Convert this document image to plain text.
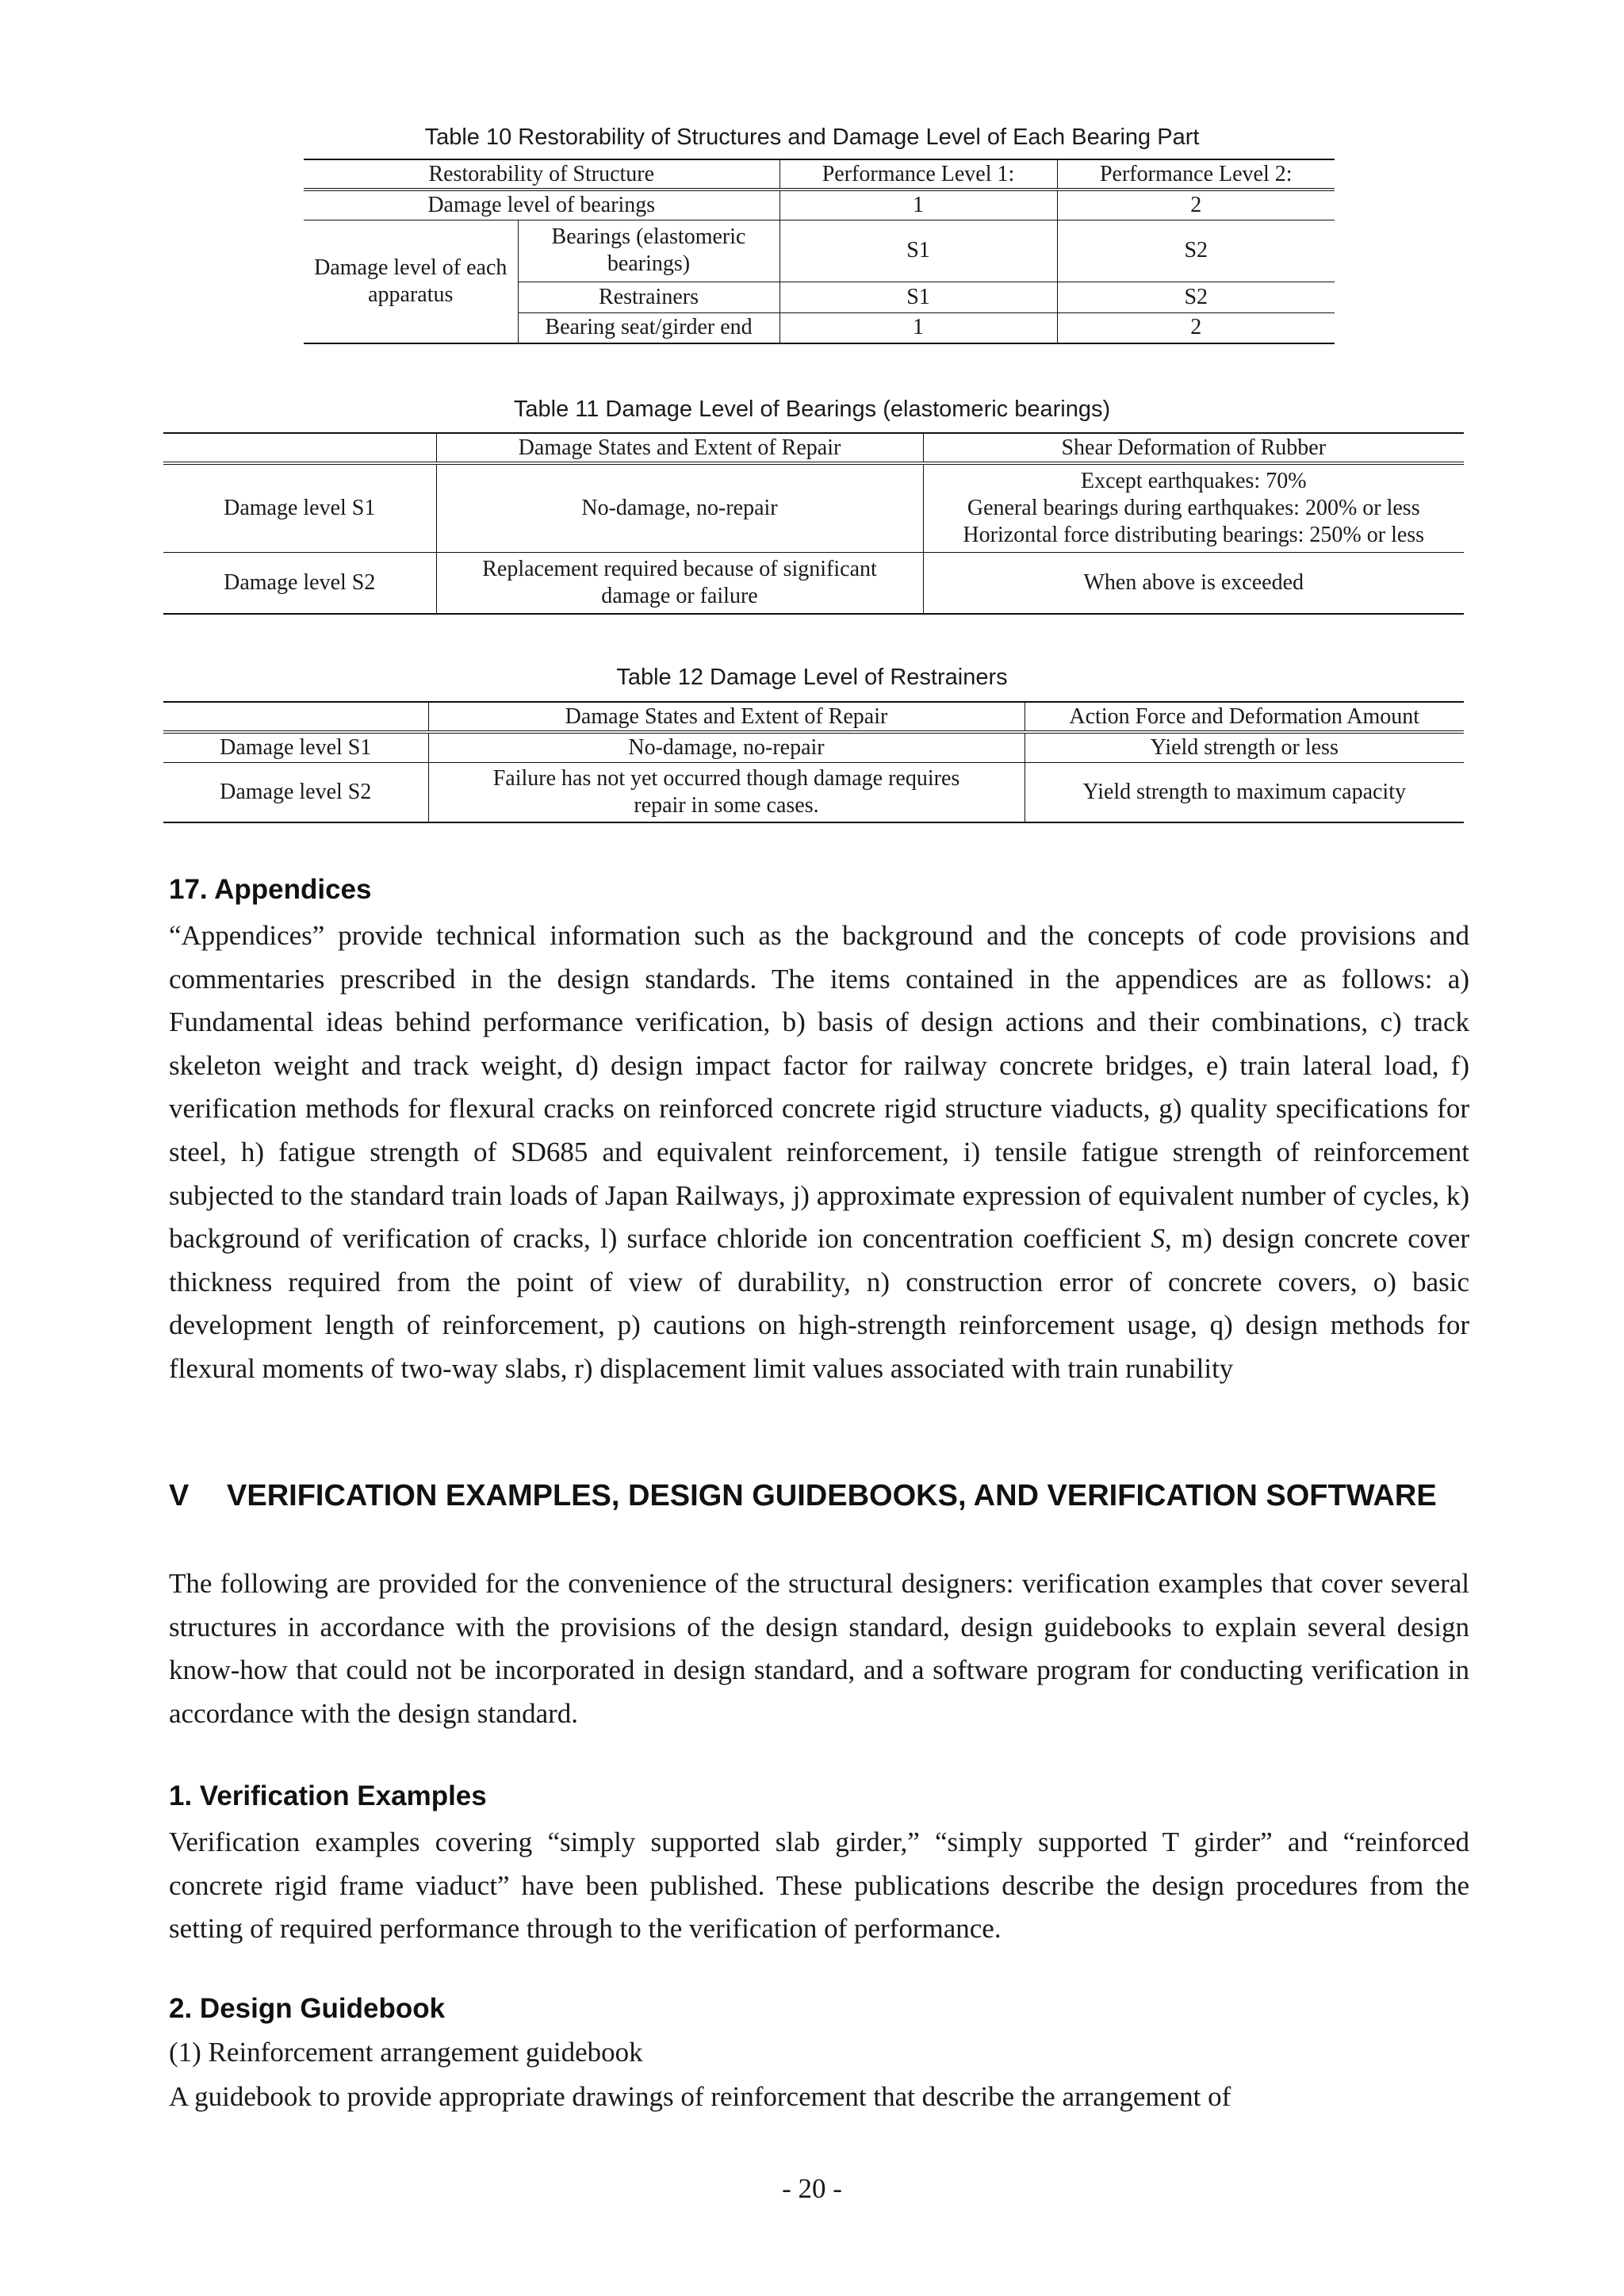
Table 10 Restorability of Structures and Damage Level of Each Bearing Part
Restorability of Structure		Performance Level 1:	Performance Level 2:
Damage level of bearings		1	2
Damage level of each apparatus	Bearings (elastomeric bearings)	S1	S2
	Restrainers	S1	S2
	Bearing seat/girder end	1	2
Table 11 Damage Level of Bearings (elastomeric bearings)
	Damage States and Extent of Repair	Shear Deformation of Rubber
Damage level S1	No-damage, no-repair	Except earthquakes: 70%
General bearings during earthquakes: 200% or less
Horizontal force distributing bearings: 250% or less

Damage level S2	Replacement required because of significant damage or failure	When above is exceeded
Table 12 Damage Level of Restrainers
	Damage States and Extent of Repair	Action Force and Deformation Amount
Damage level S1	No-damage, no-repair	Yield strength or less
Damage level S2	Failure has not yet occurred though damage requires repair in some cases.	Yield strength to maximum capacity
17. Appendices

“Appendices” provide technical information such as the background and the concepts of code provisions and commentaries prescribed in the design standards. The items contained in the appendices are as follows: a) Fundamental ideas behind performance verification, b) basis of design actions and their combinations, c) track skeleton weight and track weight, d) design impact factor for railway concrete bridges, e) train lateral load, f) verification methods for flexural cracks on reinforced concrete rigid structure viaducts, g) quality specifications for steel, h) fatigue strength of SD685 and equivalent reinforcement, i) tensile fatigue strength of reinforcement subjected to the standard train loads of Japan Railways, j) approximate expression of equivalent number of cycles, k) background of verification of cracks, l) surface chloride ion concentration coefficient S, m) design concrete cover thickness required from the point of view of durability, n) construction error of concrete covers, o) basic development length of reinforcement, p) cautions on high-strength reinforcement usage, q) design methods for flexural moments of two-way slabs, r) displacement limit values associated with train runability

V	VERIFICATION EXAMPLES, DESIGN GUIDEBOOKS, AND VERIFICATION SOFTWARE

The following are provided for the convenience of the structural designers: verification examples that cover several structures in accordance with the provisions of the design standard, design guidebooks to explain several design know-how that could not be incorporated in design standard, and a software program for conducting verification in accordance with the design standard.

1. Verification Examples

Verification examples covering “simply supported slab girder,” “simply supported T girder” and “reinforced concrete rigid frame viaduct” have been published. These publications describe the design procedures from the setting of required performance through to the verification of performance.

2. Design Guidebook
(1) Reinforcement arrangement guidebook

A guidebook to provide appropriate drawings of reinforcement that describe the arrangement of

- 20 -
